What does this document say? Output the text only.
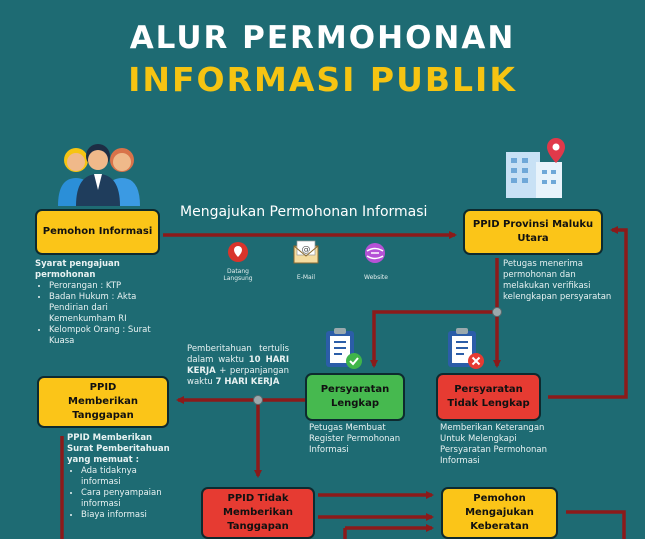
ALUR PERMOHONAN
INFORMASI PUBLIK
Pemohon Informasi
PPID Provinsi Maluku Utara
Persyaratan Lengkap
Persyaratan Tidak Lengkap
PPID Memberikan Tanggapan
PPID Tidak Memberikan Tanggapan
Pemohon Mengajukan Keberatan
Mengajukan Permohonan Informasi
Datang Langsung
@
E-Mail	Website
Syarat pengajuan permohonan
• Perorangan : KTP
• Badan Hukum : Akta Pendirian dari Kemenkumham RI
• Kelompok Orang : Surat Kuasa
Petugas menerima permohonan dan melakukan verifikasi kelengkapan persyaratan
Pemberitahuan tertulis dalam waktu 10 HARI KERJA + perpanjangan waktu 7 HARI KERJA
Petugas Membuat Register Permohonan Informasi
Memberikan Keterangan Untuk Melengkapi Persyaratan Permohonan Informasi
PPID Memberikan Surat Pemberitahuan yang memuat :
• Ada tidaknya informasi
• Cara penyampaian informasi
• Biaya informasi
